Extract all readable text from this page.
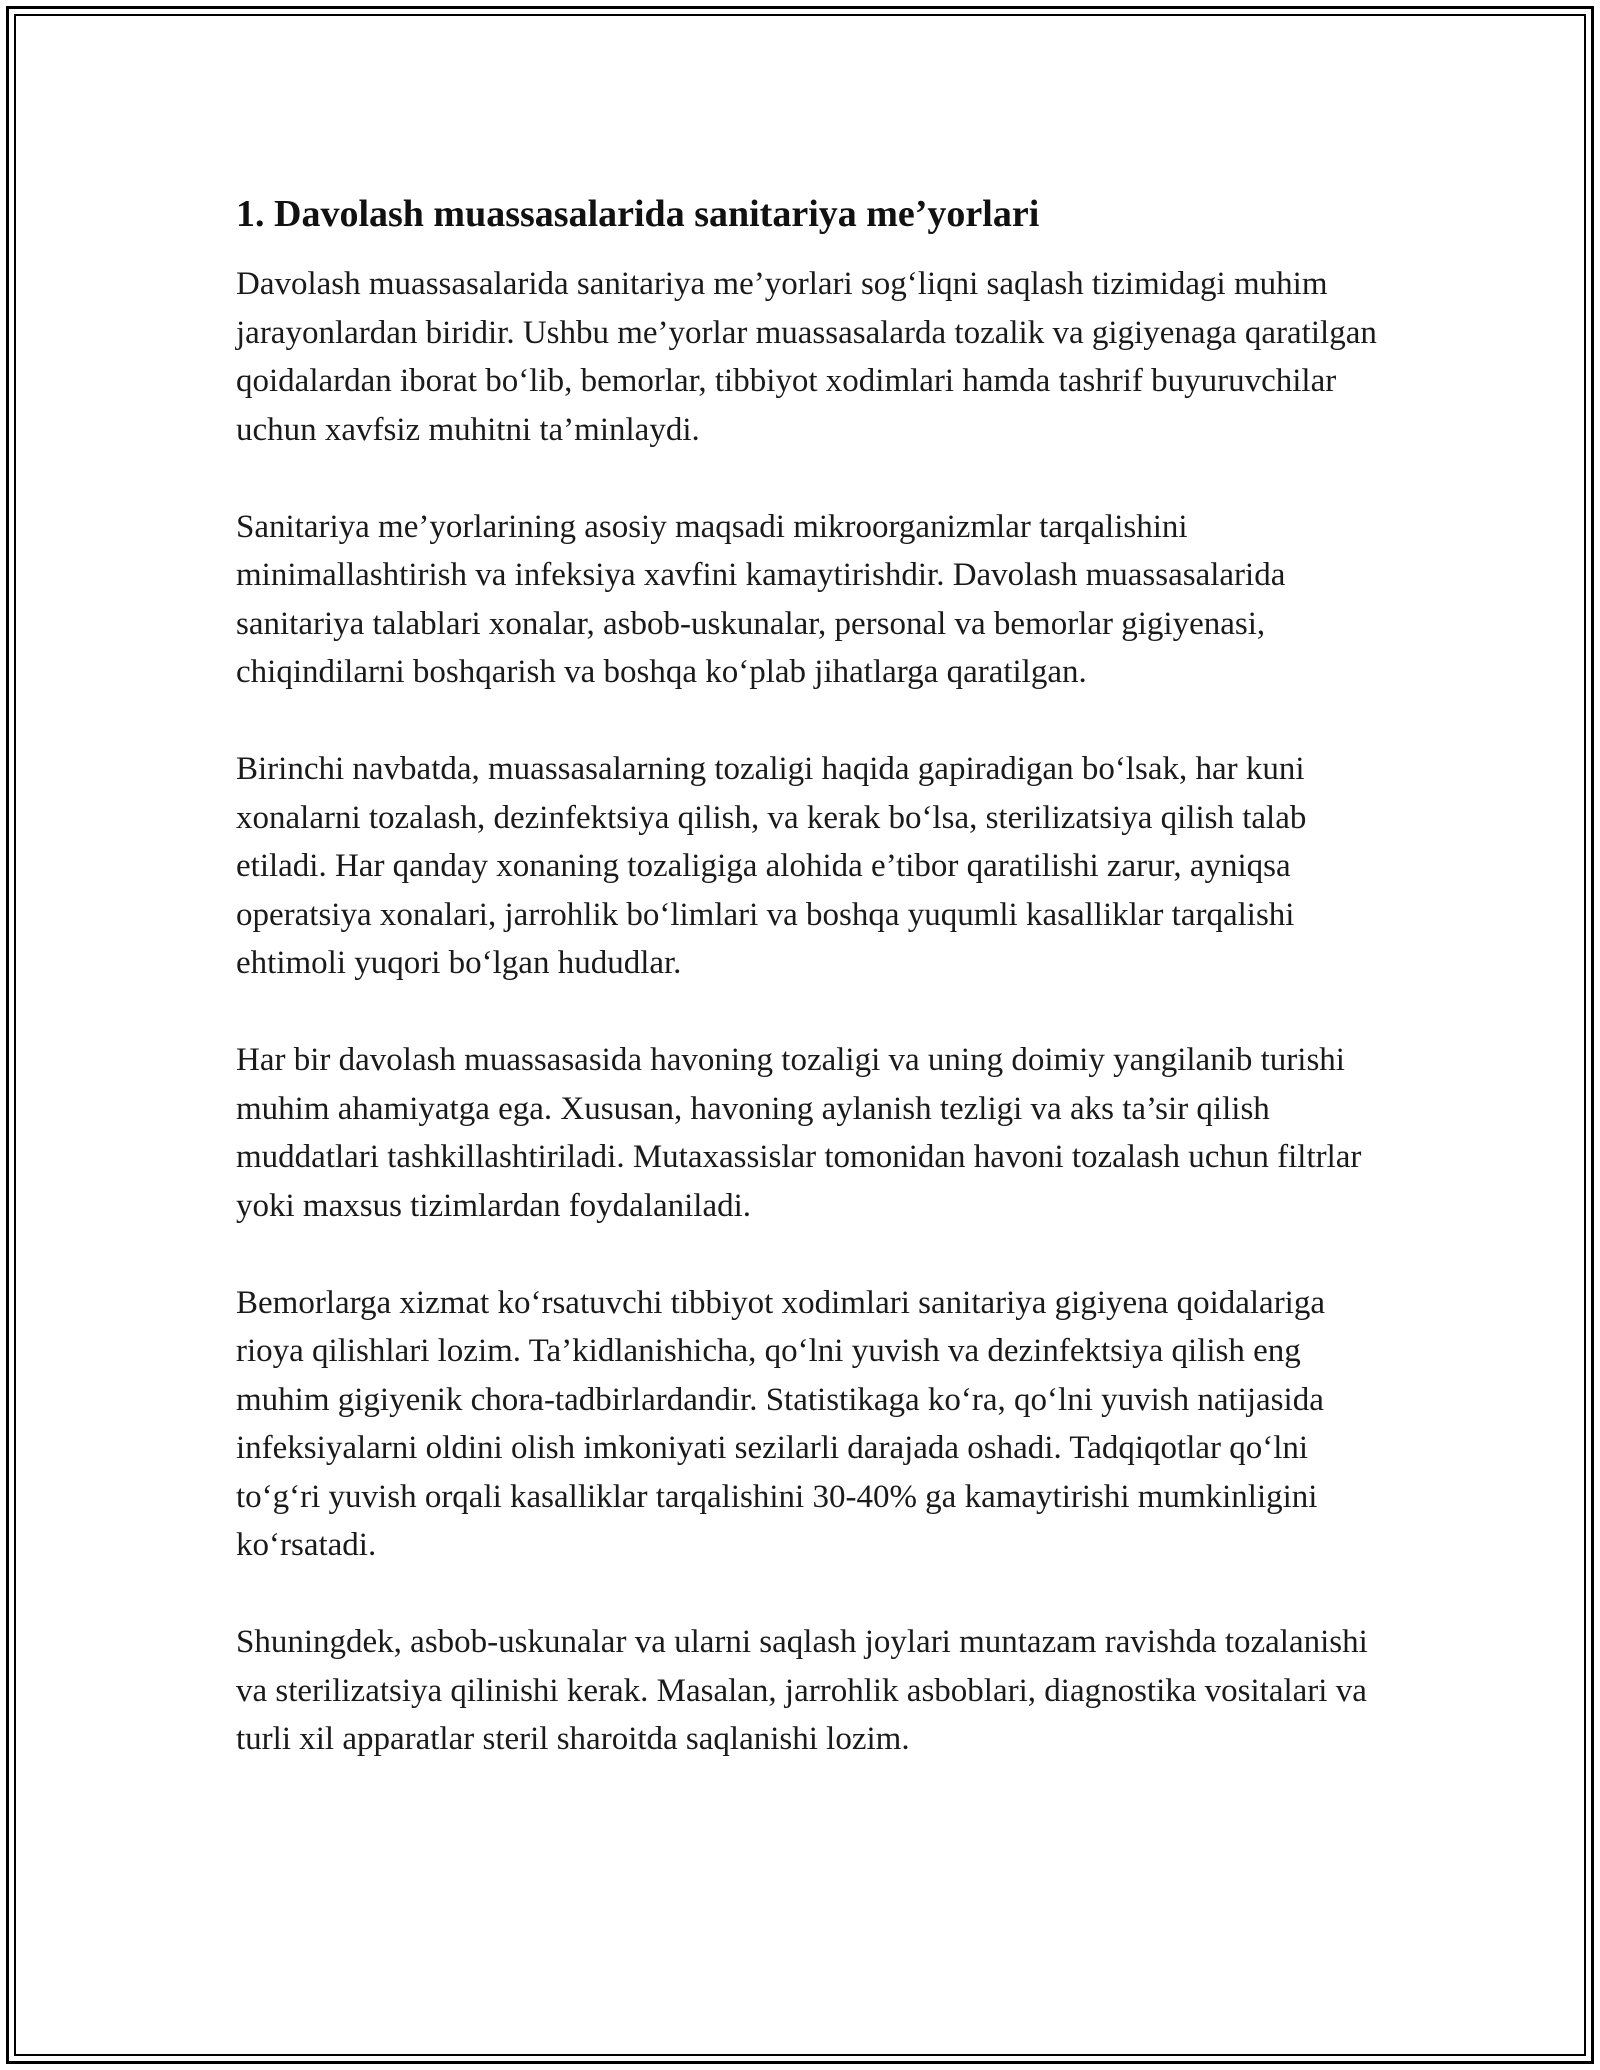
1. Davolash muassasalarida sanitariya me’yorlari

Davolash muassasalarida sanitariya me’yorlari sog‘liqni saqlash tizimidagi muhim jarayonlardan biridir. Ushbu me’yorlar muassasalarda tozalik va gigiyenaga qaratilgan qoidalardan iborat bo‘lib, bemorlar, tibbiyot xodimlari hamda tashrif buyuruvchilar uchun xavfsiz muhitni ta’minlaydi.

Sanitariya me’yorlarining asosiy maqsadi mikroorganizmlar tarqalishini minimallashtirish va infeksiya xavfini kamaytirishdir. Davolash muassasalarida sanitariya talablari xonalar, asbob-uskunalar, personal va bemorlar gigiyenasi, chiqindilarni boshqarish va boshqa ko‘plab jihatlarga qaratilgan.

Birinchi navbatda, muassasalarning tozaligi haqida gapiradigan bo‘lsak, har kuni xonalarni tozalash, dezinfektsiya qilish, va kerak bo‘lsa, sterilizatsiya qilish talab etiladi. Har qanday xonaning tozaligiga alohida e’tibor qaratilishi zarur, ayniqsa operatsiya xonalari, jarrohlik bo‘limlari va boshqa yuqumli kasalliklar tarqalishi ehtimoli yuqori bo‘lgan hududlar.

Har bir davolash muassasasida havoning tozaligi va uning doimiy yangilanib turishi muhim ahamiyatga ega. Xususan, havoning aylanish tezligi va aks ta’sir qilish muddatlari tashkillashtiriladi. Mutaxassislar tomonidan havoni tozalash uchun filtrlar yoki maxsus tizimlardan foydalaniladi.

Bemorlarga xizmat ko‘rsatuvchi tibbiyot xodimlari sanitariya gigiyena qoidalariga rioya qilishlari lozim. Ta’kidlanishicha, qo‘lni yuvish va dezinfektsiya qilish eng muhim gigiyenik chora-tadbirlardandir. Statistikaga ko‘ra, qo‘lni yuvish natijasida infeksiyalarni oldini olish imkoniyati sezilarli darajada oshadi. Tadqiqotlar qo‘lni to‘g‘ri yuvish orqali kasalliklar tarqalishini 30-40% ga kamaytirishi mumkinligini ko‘rsatadi.

Shuningdek, asbob-uskunalar va ularni saqlash joylari muntazam ravishda tozalanishi va sterilizatsiya qilinishi kerak. Masalan, jarrohlik asboblari, diagnostika vositalari va turli xil apparatlar steril sharoitda saqlanishi lozim.
